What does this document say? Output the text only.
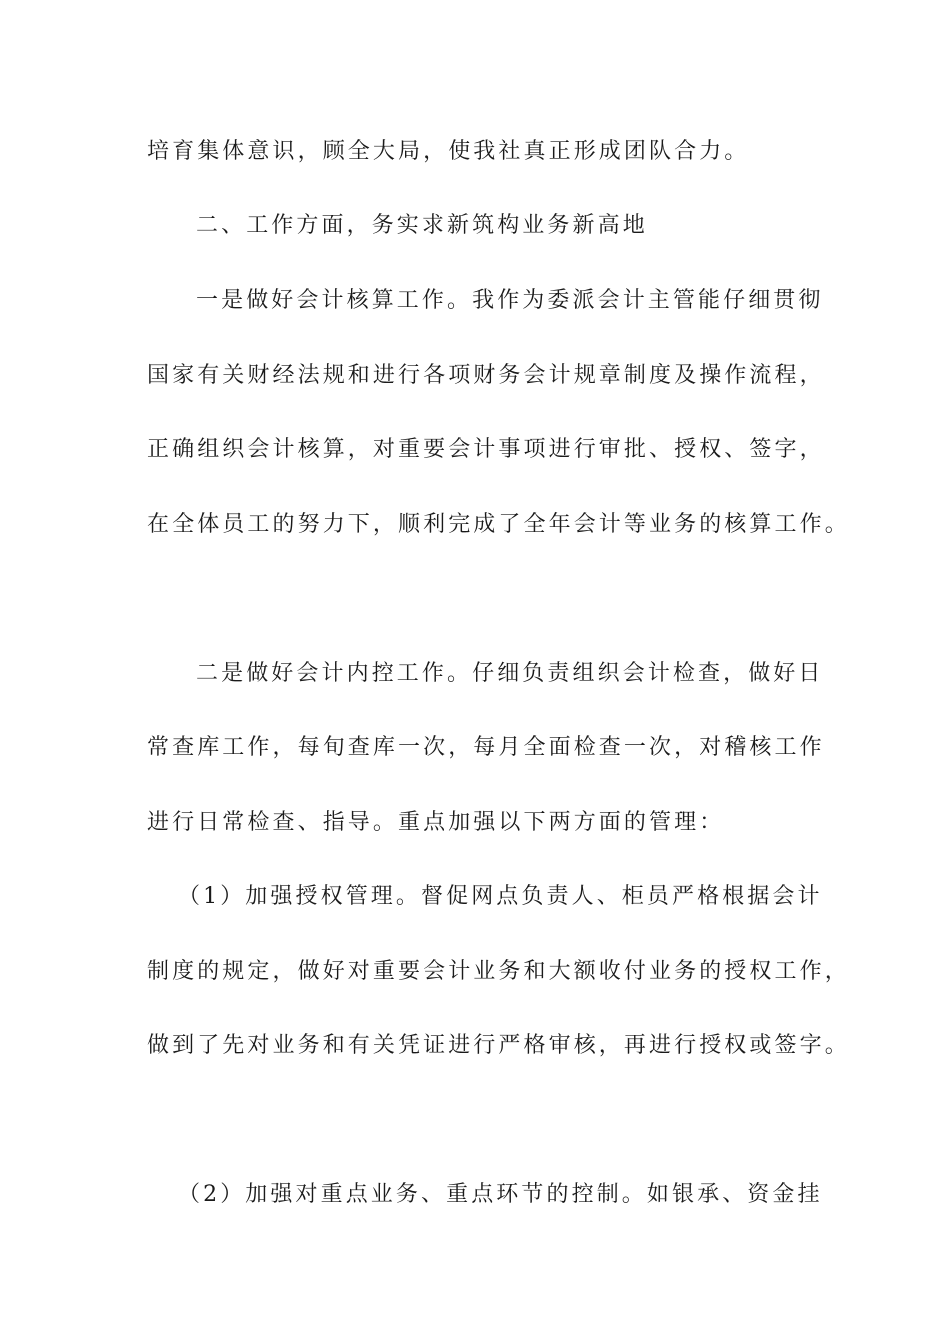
培育集体意识，顾全大局，使我社真正形成团队合力。
二、工作方面，务实求新筑构业务新高地
一是做好会计核算工作。我作为委派会计主管能仔细贯彻
国家有关财经法规和进行各项财务会计规章制度及操作流程，
正确组织会计核算，对重要会计事项进行审批、授权、签字，
在全体员工的努力下，顺利完成了全年会计等业务的核算工作。
二是做好会计内控工作。仔细负责组织会计检查，做好日
常查库工作，每旬查库一次，每月全面检查一次，对稽核工作
进行日常检查、指导。重点加强以下两方面的管理：
（1）加强授权管理。督促网点负责人、柜员严格根据会计
制度的规定，做好对重要会计业务和大额收付业务的授权工作，
做到了先对业务和有关凭证进行严格审核，再进行授权或签字。
（2）加强对重点业务、重点环节的控制。如银承、资金挂
